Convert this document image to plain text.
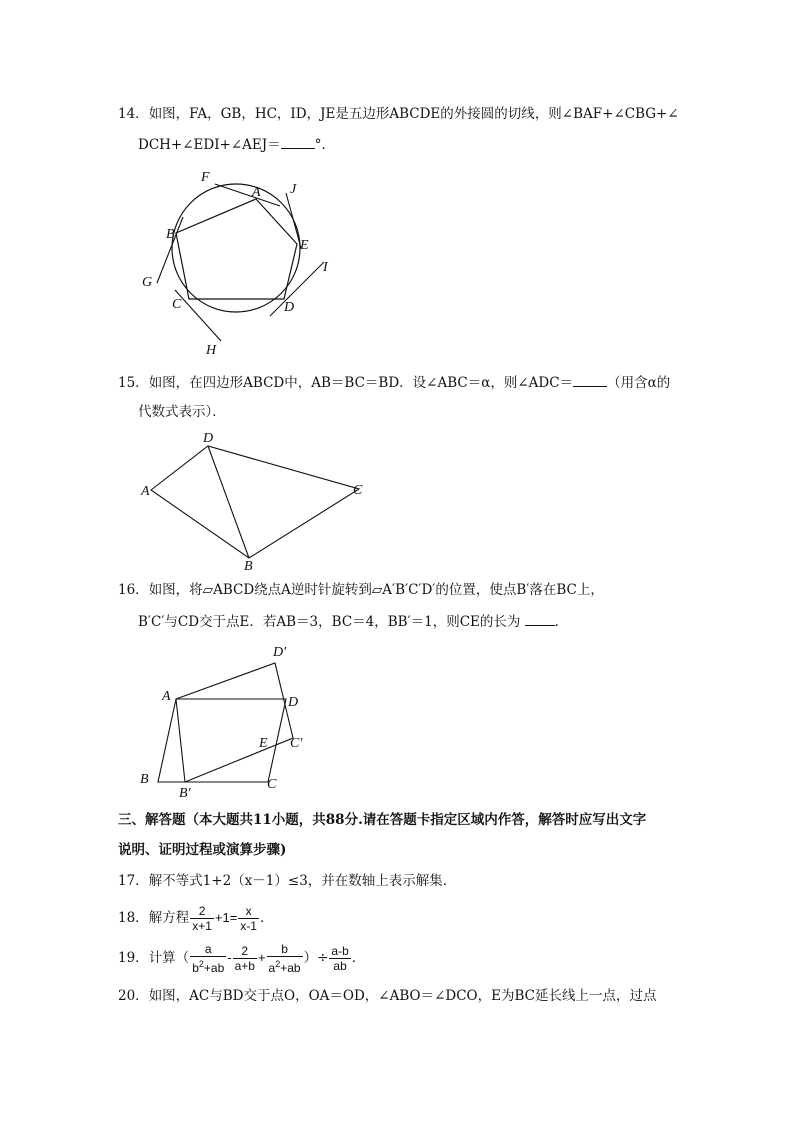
14．如图，FA，GB，HC，ID，JE是五边形ABCDE的外接圆的切线，则∠BAF+∠CBG+∠
DCH+∠EDI+∠AEJ＝	°．
F
A J
B
E
I
G
C	D
H
D
A	C
B
D′
A	D
E C′
B
B′
C
15．如图，在四边形ABCD中，AB＝BC＝BD．设∠ABC＝α，则∠ADC＝	（用含α的
代数式表示）．
16．如图，将▱ABCD绕点A逆时针旋转到▱A′B′C′D′的位置，使点B′落在BC上，
B′C′与CD交于点E．若AB＝3，BC＝4，BB′＝1，则CE的长为	．
三、解答题（本大题共11小题，共88分.请在答题卡指定区域内作答，解答时应写出文字
说明、证明过程或演算步骤)
17．解不等式1+2（x－1）≤3，并在数轴上表示解集．
18．解方程 $\frac{2}{x+1} +1= \frac{x}{x-1}$ ．
19．计算（ $\frac{a}{b^2+ab} - \frac{2}{a+b} + \frac{b}{a^2+ab}$ ）÷ $\frac{a-b}{ab}$ ．
20．如图，AC与BD交于点O，OA＝OD，∠ABO＝∠DCO，E为BC延长线上一点，过点
